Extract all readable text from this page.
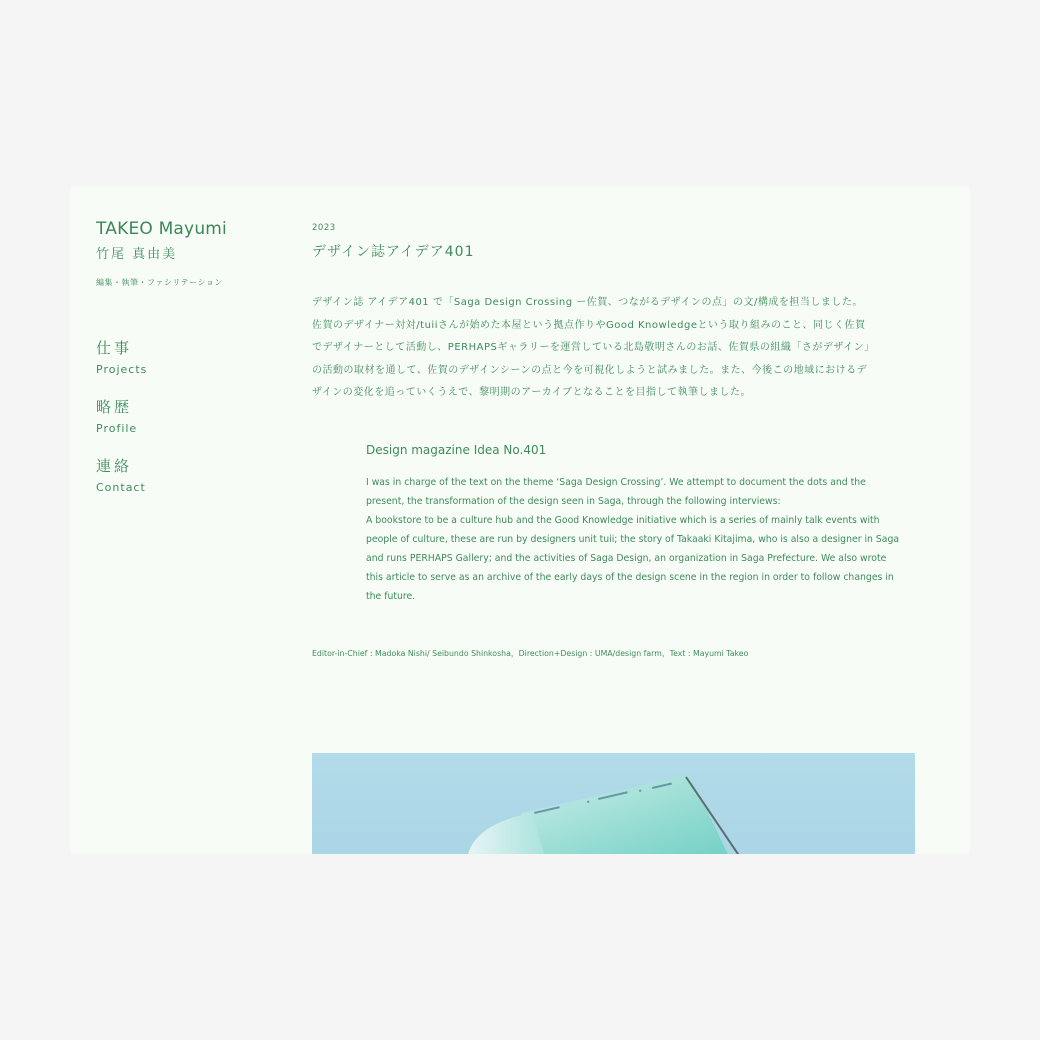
TAKEO Mayumi
竹尾 真由美
編集・執筆・ファシリテーション
仕事
Projects
略歴
Profile
連絡
Contact
2023
デザイン誌アイデア401
デザイン誌 アイデア401 で「Saga Design Crossing ー佐賀、つながるデザインの点」の文/構成を担当しました。佐賀のデザイナー対対/tuiiさんが始めた本屋という拠点作りやGood Knowledgeという取り組みのこと、同じく佐賀でデザイナーとして活動し、PERHAPSギャラリーを運営している北島敬明さんのお話、佐賀県の組織「さがデザイン」の活動の取材を通して、佐賀のデザインシーンの点と今を可視化しようと試みました。また、今後この地域におけるデザインの変化を追っていくうえで、黎明期のアーカイブとなることを目指して執筆しました。
Design magazine Idea No.401
I was in charge of the text on the theme ‘Saga Design Crossing’. We attempt to document the dots and the present, the transformation of the design seen in Saga, through the following interviews:
A bookstore to be a culture hub and the Good Knowledge initiative which is a series of mainly talk events with people of culture, these are run by designers unit tuii; the story of Takaaki Kitajima, who is also a designer in Saga and runs PERHAPS Gallery; and the activities of Saga Design, an organization in Saga Prefecture. We also wrote this article to serve as an archive of the early days of the design scene in the region in order to follow changes in the future.
Editor-in-Chief : Madoka Nishi/ Seibundo Shinkosha，Direction+Design : UMA/design farm，Text : Mayumi Takeo
